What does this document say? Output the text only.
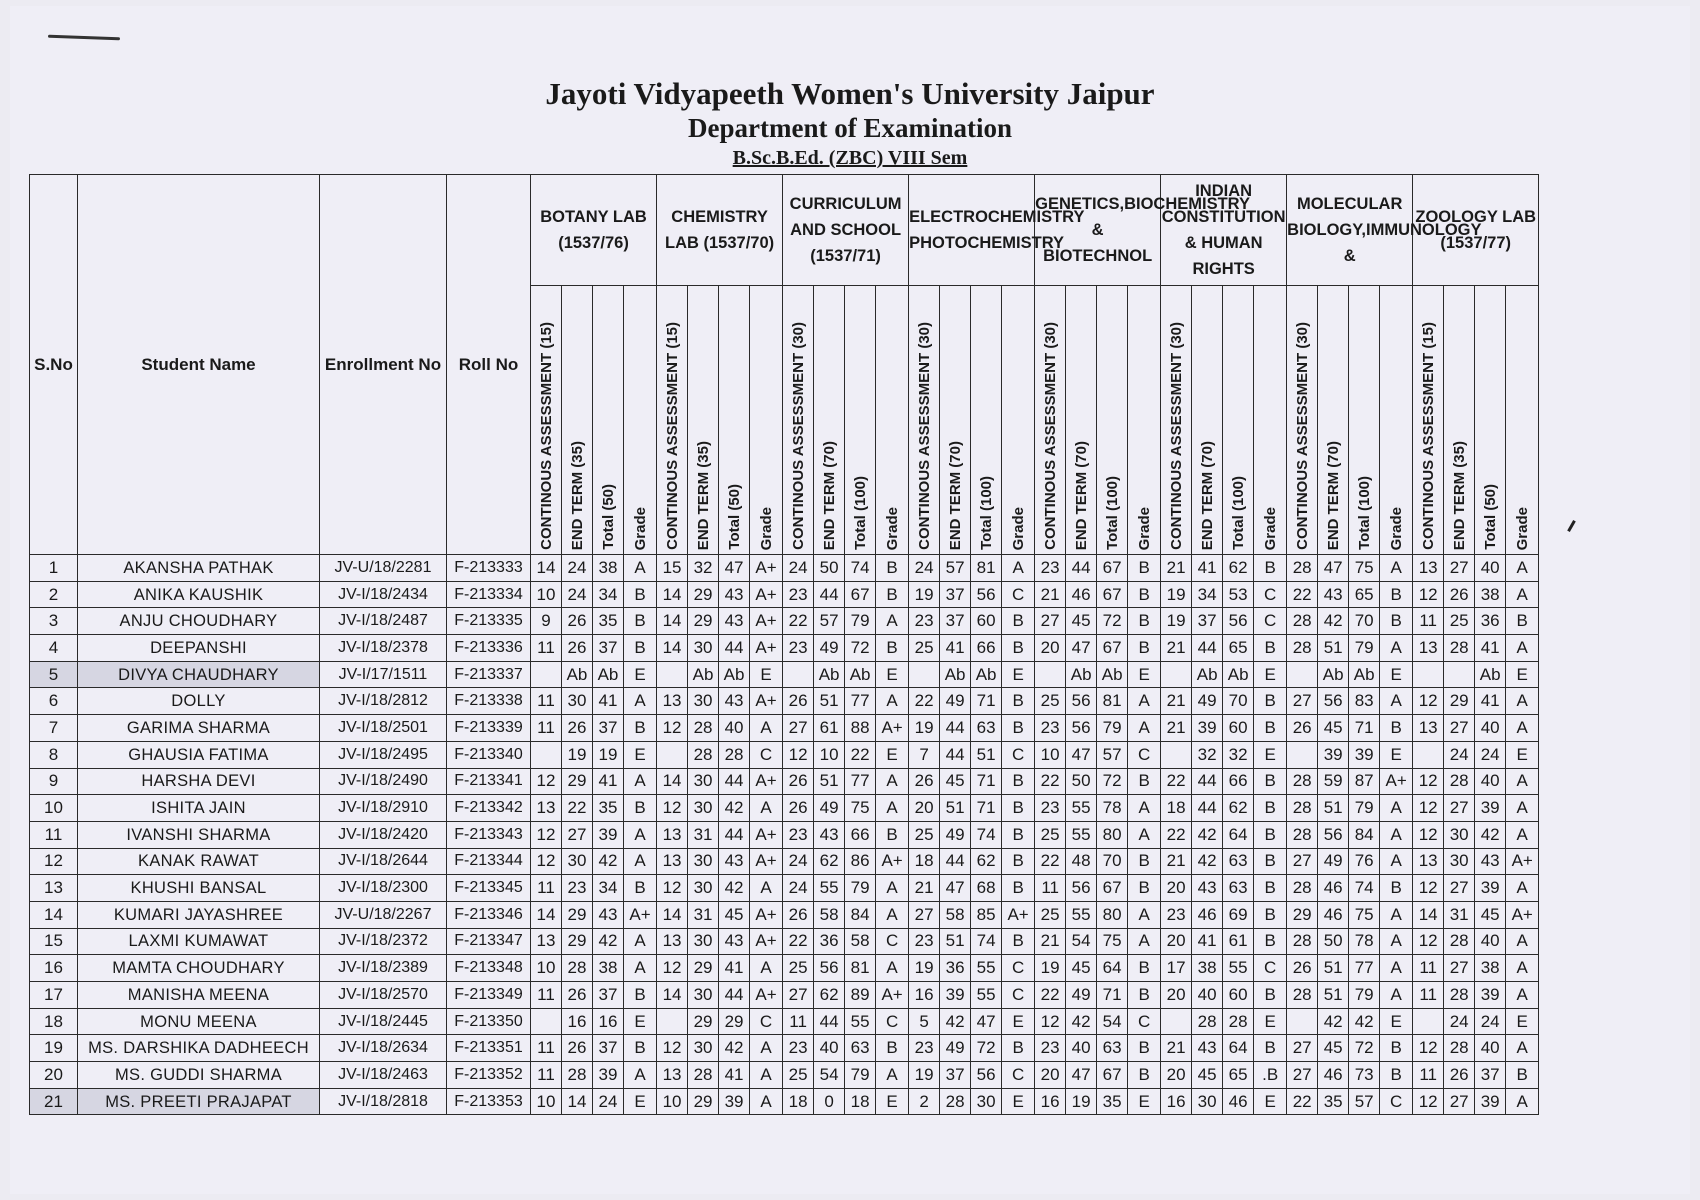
Jayoti Vidyapeeth Women's University Jaipur
Department of Examination
B.Sc.B.Ed. (ZBC) VIII Sem
S.No	Student Name	Enrollment No	Roll No	BOTANY LAB (1537/76)				CHEMISTRY LAB (1537/70)				CURRICULUM AND SCHOOL (1537/71)				ELECTROCHEMISTRY PHOTOCHEMISTRY				GENETICS,BIOCHEMISTRY & BIOTECHNOL				INDIAN CONSTITUTION & HUMAN RIGHTS				MOLECULAR BIOLOGY,IMMUNOLOGY &				ZOOLOGY LAB (1537/77)			
				CONTINOUS ASSESSMENT (15)	END TERM (35)	Total (50)	Grade	CONTINOUS ASSESSMENT (15)	END TERM (35)	Total (50)	Grade	CONTINOUS ASSESSMENT (30)	END TERM (70)	Total (100)	Grade	CONTINOUS ASSESSMENT (30)	END TERM (70)	Total (100)	Grade	CONTINOUS ASSESSMENT (30)	END TERM (70)	Total (100)	Grade	CONTINOUS ASSESSMENT (30)	END TERM (70)	Total (100)	Grade	CONTINOUS ASSESSMENT (30)	END TERM (70)	Total (100)	Grade	CONTINOUS ASSESSMENT (15)	END TERM (35)	Total (50)	Grade
1	AKANSHA PATHAK	JV-U/18/2281	F-213333	14	24	38	A	15	32	47	A+	24	50	74	B	24	57	81	A	23	44	67	B	21	41	62	B	28	47	75	A	13	27	40	A
2	ANIKA KAUSHIK	JV-I/18/2434	F-213334	10	24	34	B	14	29	43	A+	23	44	67	B	19	37	56	C	21	46	67	B	19	34	53	C	22	43	65	B	12	26	38	A
3	ANJU CHOUDHARY	JV-I/18/2487	F-213335	9	26	35	B	14	29	43	A+	22	57	79	A	23	37	60	B	27	45	72	B	19	37	56	C	28	42	70	B	11	25	36	B
4	DEEPANSHI	JV-I/18/2378	F-213336	11	26	37	B	14	30	44	A+	23	49	72	B	25	41	66	B	20	47	67	B	21	44	65	B	28	51	79	A	13	28	41	A
5	DIVYA CHAUDHARY	JV-I/17/1511	F-213337		Ab	Ab	E		Ab	Ab	E		Ab	Ab	E		Ab	Ab	E		Ab	Ab	E		Ab	Ab	E		Ab	Ab	E			Ab	E
6	DOLLY	JV-I/18/2812	F-213338	11	30	41	A	13	30	43	A+	26	51	77	A	22	49	71	B	25	56	81	A	21	49	70	B	27	56	83	A	12	29	41	A
7	GARIMA SHARMA	JV-I/18/2501	F-213339	11	26	37	B	12	28	40	A	27	61	88	A+	19	44	63	B	23	56	79	A	21	39	60	B	26	45	71	B	13	27	40	A
8	GHAUSIA FATIMA	JV-I/18/2495	F-213340		19	19	E		28	28	C	12	10	22	E	7	44	51	C	10	47	57	C		32	32	E		39	39	E		24	24	E
9	HARSHA DEVI	JV-I/18/2490	F-213341	12	29	41	A	14	30	44	A+	26	51	77	A	26	45	71	B	22	50	72	B	22	44	66	B	28	59	87	A+	12	28	40	A
10	ISHITA JAIN	JV-I/18/2910	F-213342	13	22	35	B	12	30	42	A	26	49	75	A	20	51	71	B	23	55	78	A	18	44	62	B	28	51	79	A	12	27	39	A
11	IVANSHI SHARMA	JV-I/18/2420	F-213343	12	27	39	A	13	31	44	A+	23	43	66	B	25	49	74	B	25	55	80	A	22	42	64	B	28	56	84	A	12	30	42	A
12	KANAK RAWAT	JV-I/18/2644	F-213344	12	30	42	A	13	30	43	A+	24	62	86	A+	18	44	62	B	22	48	70	B	21	42	63	B	27	49	76	A	13	30	43	A+
13	KHUSHI BANSAL	JV-I/18/2300	F-213345	11	23	34	B	12	30	42	A	24	55	79	A	21	47	68	B	11	56	67	B	20	43	63	B	28	46	74	B	12	27	39	A
14	KUMARI JAYASHREE	JV-U/18/2267	F-213346	14	29	43	A+	14	31	45	A+	26	58	84	A	27	58	85	A+	25	55	80	A	23	46	69	B	29	46	75	A	14	31	45	A+
15	LAXMI KUMAWAT	JV-I/18/2372	F-213347	13	29	42	A	13	30	43	A+	22	36	58	C	23	51	74	B	21	54	75	A	20	41	61	B	28	50	78	A	12	28	40	A
16	MAMTA CHOUDHARY	JV-I/18/2389	F-213348	10	28	38	A	12	29	41	A	25	56	81	A	19	36	55	C	19	45	64	B	17	38	55	C	26	51	77	A	11	27	38	A
17	MANISHA MEENA	JV-I/18/2570	F-213349	11	26	37	B	14	30	44	A+	27	62	89	A+	16	39	55	C	22	49	71	B	20	40	60	B	28	51	79	A	11	28	39	A
18	MONU MEENA	JV-I/18/2445	F-213350		16	16	E		29	29	C	11	44	55	C	5	42	47	E	12	42	54	C		28	28	E		42	42	E		24	24	E
19	MS. DARSHIKA DADHEECH	JV-I/18/2634	F-213351	11	26	37	B	12	30	42	A	23	40	63	B	23	49	72	B	23	40	63	B	21	43	64	B	27	45	72	B	12	28	40	A
20	MS. GUDDI SHARMA	JV-I/18/2463	F-213352	11	28	39	A	13	28	41	A	25	54	79	A	19	37	56	C	20	47	67	B	20	45	65	.B	27	46	73	B	11	26	37	B
21	MS. PREETI PRAJAPAT	JV-I/18/2818	F-213353	10	14	24	E	10	29	39	A	18	0	18	E	2	28	30	E	16	19	35	E	16	30	46	E	22	35	57	C	12	27	39	A
